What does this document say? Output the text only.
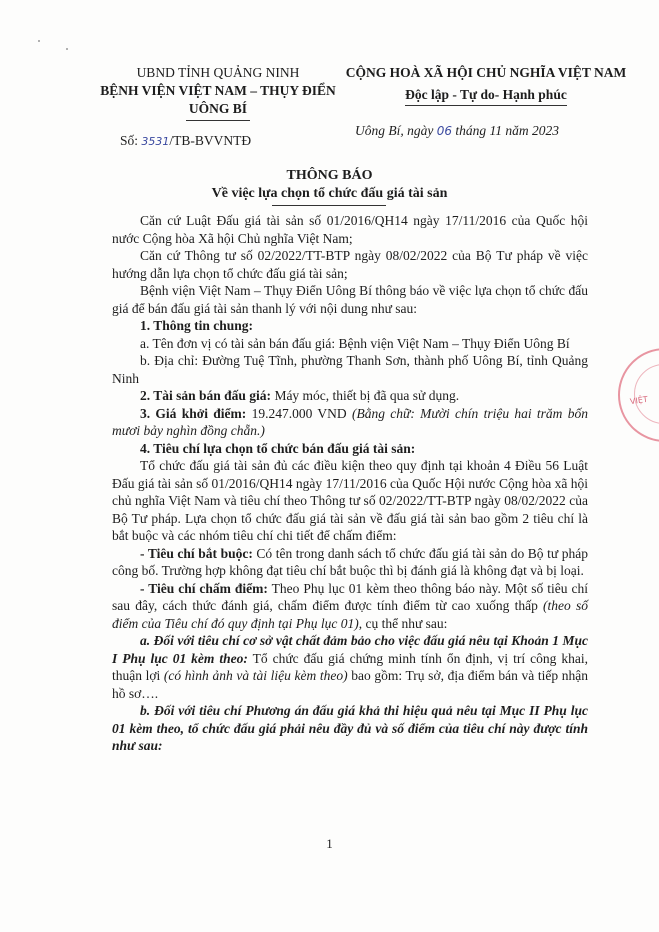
UBND TỈNH QUẢNG NINH
BỆNH VIỆN VIỆT NAM – THỤY ĐIỂN
UÔNG BÍ
CỘNG HOÀ XÃ HỘI CHỦ NGHĨA VIỆT NAM
Độc lập - Tự do- Hạnh phúc
Số: 3531/TB-BVVNTĐ
Uông Bí, ngày 06 tháng 11 năm 2023
THÔNG BÁO
Về việc lựa chọn tổ chức đấu giá tài sản

Căn cứ Luật Đấu giá tài sản số 01/2016/QH14 ngày 17/11/2016 của Quốc hội nước Cộng hòa Xã hội Chủ nghĩa Việt Nam;

Căn cứ Thông tư số 02/2022/TT-BTP ngày 08/02/2022 của Bộ Tư pháp về việc hướng dẫn lựa chọn tổ chức đấu giá tài sản;

Bệnh viện Việt Nam – Thụy Điển Uông Bí thông báo về việc lựa chọn tổ chức đấu giá để bán đấu giá tài sản thanh lý với nội dung như sau:

1. Thông tin chung:

a. Tên đơn vị có tài sản bán đấu giá: Bệnh viện Việt Nam – Thụy Điển Uông Bí

b. Địa chỉ: Đường Tuệ Tĩnh, phường Thanh Sơn, thành phố Uông Bí, tỉnh Quảng Ninh

2. Tài sản bán đấu giá: Máy móc, thiết bị đã qua sử dụng.

3. Giá khởi điểm: 19.247.000 VND (Bằng chữ: Mười chín triệu hai trăm bốn mươi bảy nghìn đồng chẵn.)

4. Tiêu chí lựa chọn tổ chức bán đấu giá tài sản:

Tổ chức đấu giá tài sản đủ các điều kiện theo quy định tại khoản 4 Điều 56 Luật Đấu giá tài sản số 01/2016/QH14 ngày 17/11/2016 của Quốc Hội nước Cộng hòa xã hội chủ nghĩa Việt Nam và tiêu chí theo Thông tư số 02/2022/TT-BTP ngày 08/02/2022 của Bộ Tư pháp. Lựa chọn tổ chức đấu giá tài sản về đấu giá tài sản bao gồm 2 tiêu chí là bắt buộc và các nhóm tiêu chí chi tiết để chấm điểm:

- Tiêu chí bắt buộc: Có tên trong danh sách tổ chức đấu giá tài sản do Bộ tư pháp công bố. Trường hợp không đạt tiêu chí bắt buộc thì bị đánh giá là không đạt và bị loại.

- Tiêu chí chấm điểm: Theo Phụ lục 01 kèm theo thông báo này. Một số tiêu chí sau đây, cách thức đánh giá, chấm điểm được tính điểm từ cao xuống thấp (theo số điểm của Tiêu chí đó quy định tại Phụ lục 01), cụ thể như sau:

a. Đối với tiêu chí cơ sở vật chất đảm bảo cho việc đấu giá nêu tại Khoản 1 Mục I Phụ lục 01 kèm theo: Tổ chức đấu giá chứng minh tính ổn định, vị trí công khai, thuận lợi (có hình ảnh và tài liệu kèm theo) bao gồm: Trụ sở, địa điểm bán và tiếp nhận hồ sơ….

b. Đối với tiêu chí Phương án đấu giá khả thi hiệu quả nêu tại Mục II Phụ lục 01 kèm theo, tổ chức đấu giá phải nêu đầy đủ và số điểm của tiêu chí này được tính như sau:

VIỆT
1
